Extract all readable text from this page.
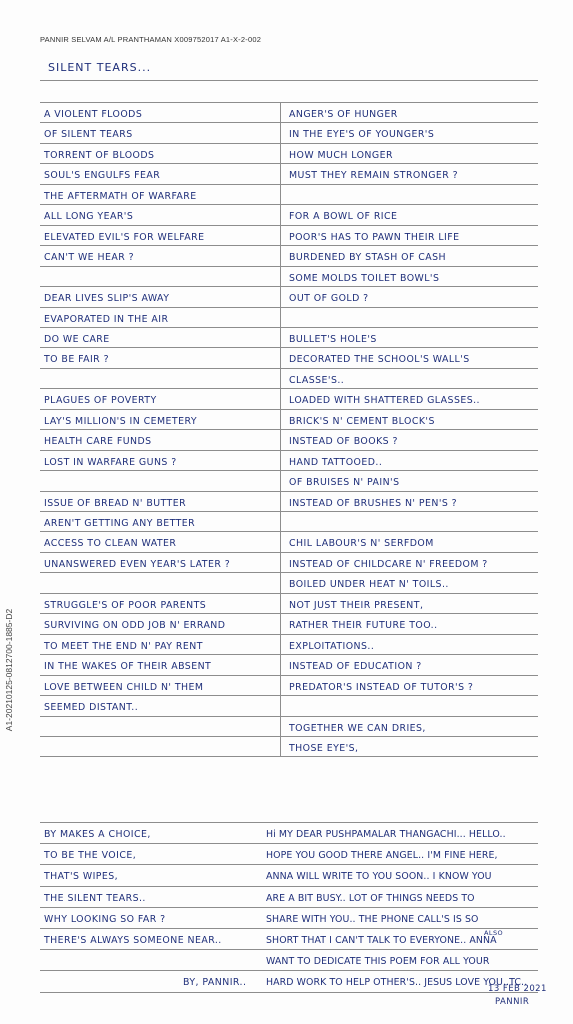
PANNIR SELVAM A/L PRANTHAMAN X009752017 A1-X-2-002
A1-20210125-0812700-1885-D2
SILENT TEARS...
A VIOLENT FLOODS
OF SILENT TEARS
TORRENT OF BLOODS
SOUL'S ENGULFS FEAR
THE AFTERMATH OF WARFARE
ALL LONG YEAR'S
ELEVATED EVIL'S FOR WELFARE
CAN'T WE HEAR ?
DEAR LIVES SLIP'S AWAY
EVAPORATED IN THE AIR
DO WE CARE
TO BE FAIR ?
PLAGUES OF POVERTY
LAY'S MILLION'S IN CEMETERY
HEALTH CARE FUNDS
LOST IN WARFARE GUNS ?
ISSUE OF BREAD N' BUTTER
AREN'T GETTING ANY BETTER
ACCESS TO CLEAN WATER
UNANSWERED EVEN YEAR'S LATER ?
STRUGGLE'S OF POOR PARENTS
SURVIVING ON ODD JOB N' ERRAND
TO MEET THE END N' PAY RENT
IN THE WAKES OF THEIR ABSENT
LOVE BETWEEN CHILD N' THEM
SEEMED DISTANT..
ANGER'S OF HUNGER
IN THE EYE'S OF YOUNGER'S
HOW MUCH LONGER
MUST THEY REMAIN STRONGER ?
FOR A BOWL OF RICE
POOR'S HAS TO PAWN THEIR LIFE
BURDENED BY STASH OF CASH
SOME MOLDS TOILET BOWL'S
OUT OF GOLD ?
BULLET'S HOLE'S
DECORATED THE SCHOOL'S WALL'S
CLASSE'S..
LOADED WITH SHATTERED GLASSES..
BRICK'S N' CEMENT BLOCK'S
INSTEAD OF BOOKS ?
HAND TATTOOED..
OF BRUISES N' PAIN'S
INSTEAD OF BRUSHES N' PEN'S ?
CHIL LABOUR'S N' SERFDOM
INSTEAD OF CHILDCARE N' FREEDOM ?
BOILED UNDER HEAT N' TOILS..
NOT JUST THEIR PRESENT,
RATHER THEIR FUTURE TOO..
EXPLOITATIONS..
INSTEAD OF EDUCATION ?
PREDATOR'S INSTEAD OF TUTOR'S ?
TOGETHER WE CAN DRIES,
THOSE EYE'S,
BY MAKES A CHOICE,
TO BE THE VOICE,
THAT'S WIPES,
THE SILENT TEARS..
WHY LOOKING SO FAR ?
THERE'S ALWAYS SOMEONE NEAR..
BY, PANNIR..
Hi MY DEAR PUSHPAMALAR THANGACHI... HELLO..
HOPE YOU GOOD THERE ANGEL.. I'M FINE HERE,
ANNA WILL WRITE TO YOU SOON.. I KNOW YOU
ARE A BIT BUSY.. LOT OF THINGS NEEDS TO
SHARE WITH YOU.. THE PHONE CALL'S IS SO
SHORT THAT I CAN'T TALK TO EVERYONE.. ANNA
WANT TO DEDICATE THIS POEM FOR ALL YOUR
HARD WORK TO HELP OTHER'S.. JESUS LOVE YOU..TC..
ALSO
13 FEB 2021
PANNIR
